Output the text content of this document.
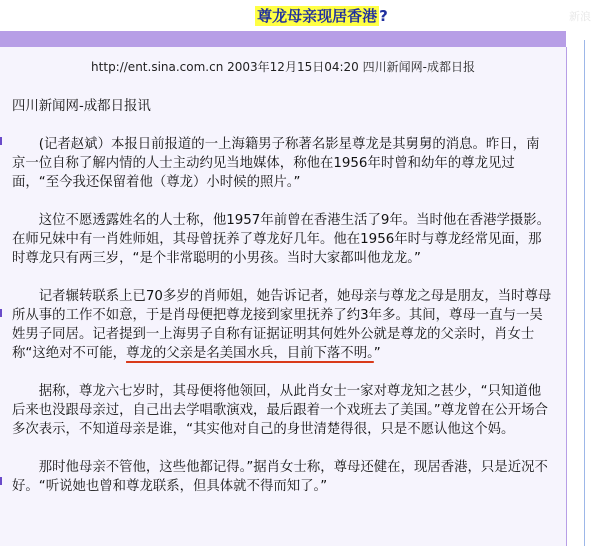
尊龙母亲现居香港 ?	新浪
http://ent.sina.com.cn 2003年12月15日04:20 四川新闻网-成都日报

四川新闻网-成都日报讯

　　(记者赵斌）本报日前报道的一上海籍男子称著名影星尊龙是其舅舅的消息。昨日，南京一位自称了解内情的人士主动约见当地媒体，称他在1956年时曾和幼年的尊龙见过面，“至今我还保留着他（尊龙）小时候的照片。”

　　这位不愿透露姓名的人士称，他1957年前曾在香港生活了9年。当时他在香港学摄影。在师兄妹中有一肖姓师姐，其母曾抚养了尊龙好几年。他在1956年时与尊龙经常见面，那时尊龙只有两三岁，“是个非常聪明的小男孩。当时大家都叫他龙龙。”

　　记者辗转联系上已70多岁的肖师姐，她告诉记者，她母亲与尊龙之母是朋友，当时尊母所从事的工作不如意，于是肖母便把尊龙接到家里抚养了约3年多。其间，尊母一直与一吴姓男子同居。记者提到一上海男子自称有证据证明其何姓外公就是尊龙的父亲时，肖女士称“这绝对不可能，尊龙的父亲是名美国水兵，目前下落不明。”

　　据称，尊龙六七岁时，其母便将他领回，从此肖女士一家对尊龙知之甚少，“只知道他后来也没跟母亲过，自己出去学唱歌演戏，最后跟着一个戏班去了美国。”尊龙曾在公开场合多次表示，不知道母亲是谁，“其实他对自己的身世清楚得很，只是不愿认他这个妈。

　　那时他母亲不管他，这些他都记得。”据肖女士称，尊母还健在，现居香港，只是近况不好。“听说她也曾和尊龙联系，但具体就不得而知了。”
